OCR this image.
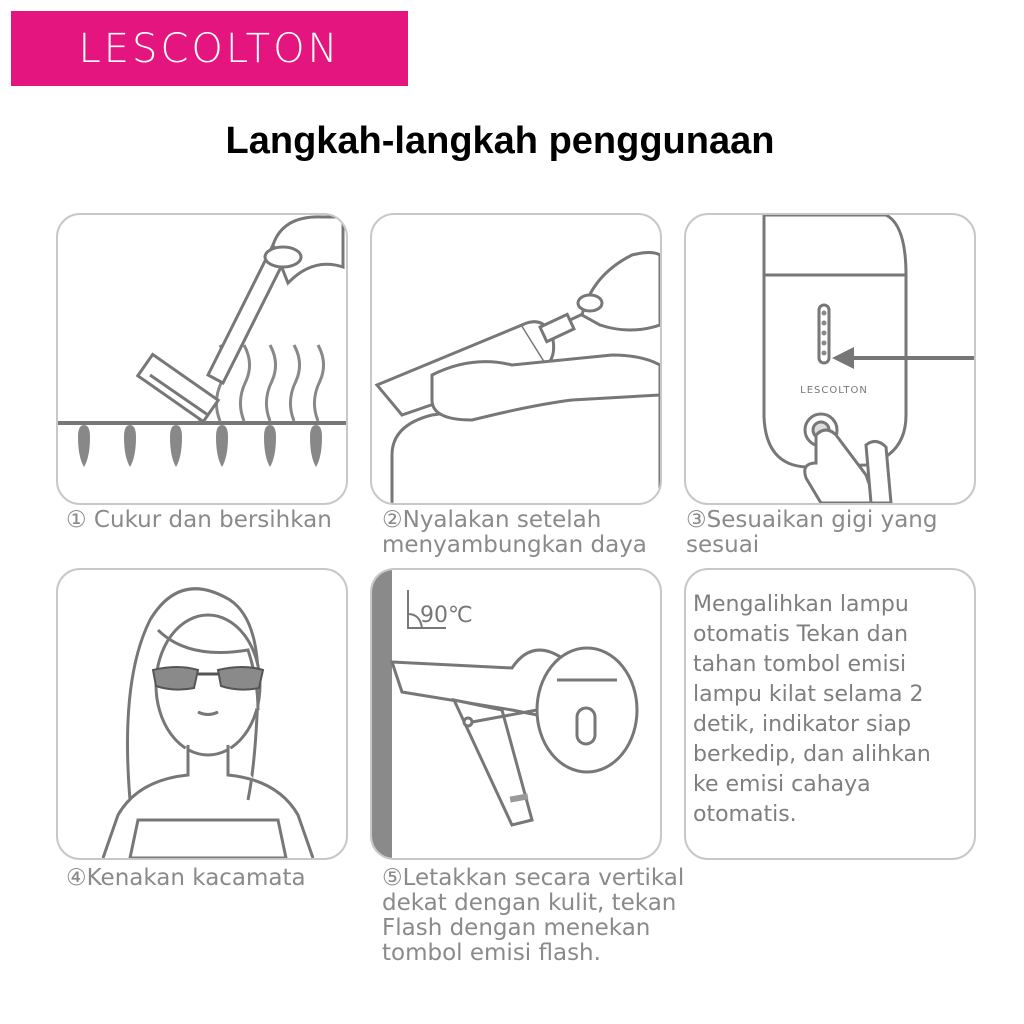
LESCOLTON
Langkah-langkah penggunaan
LESCOLTON
90℃	Mengalihkan lampu otomatis Tekan dan tahan tombol emisi lampu kilat selama 2 detik, indikator siap berkedip, dan alihkan ke emisi cahaya otomatis.

① Cukur dan bersihkan ②Nyalakan setelah
menyambungkan daya

③Sesuaikan gigi yang
sesuai

④Kenakan kacamata	⑤Letakkan secara vertikal
dekat dengan kulit, tekan
Flash dengan menekan
tombol emisi flash.
